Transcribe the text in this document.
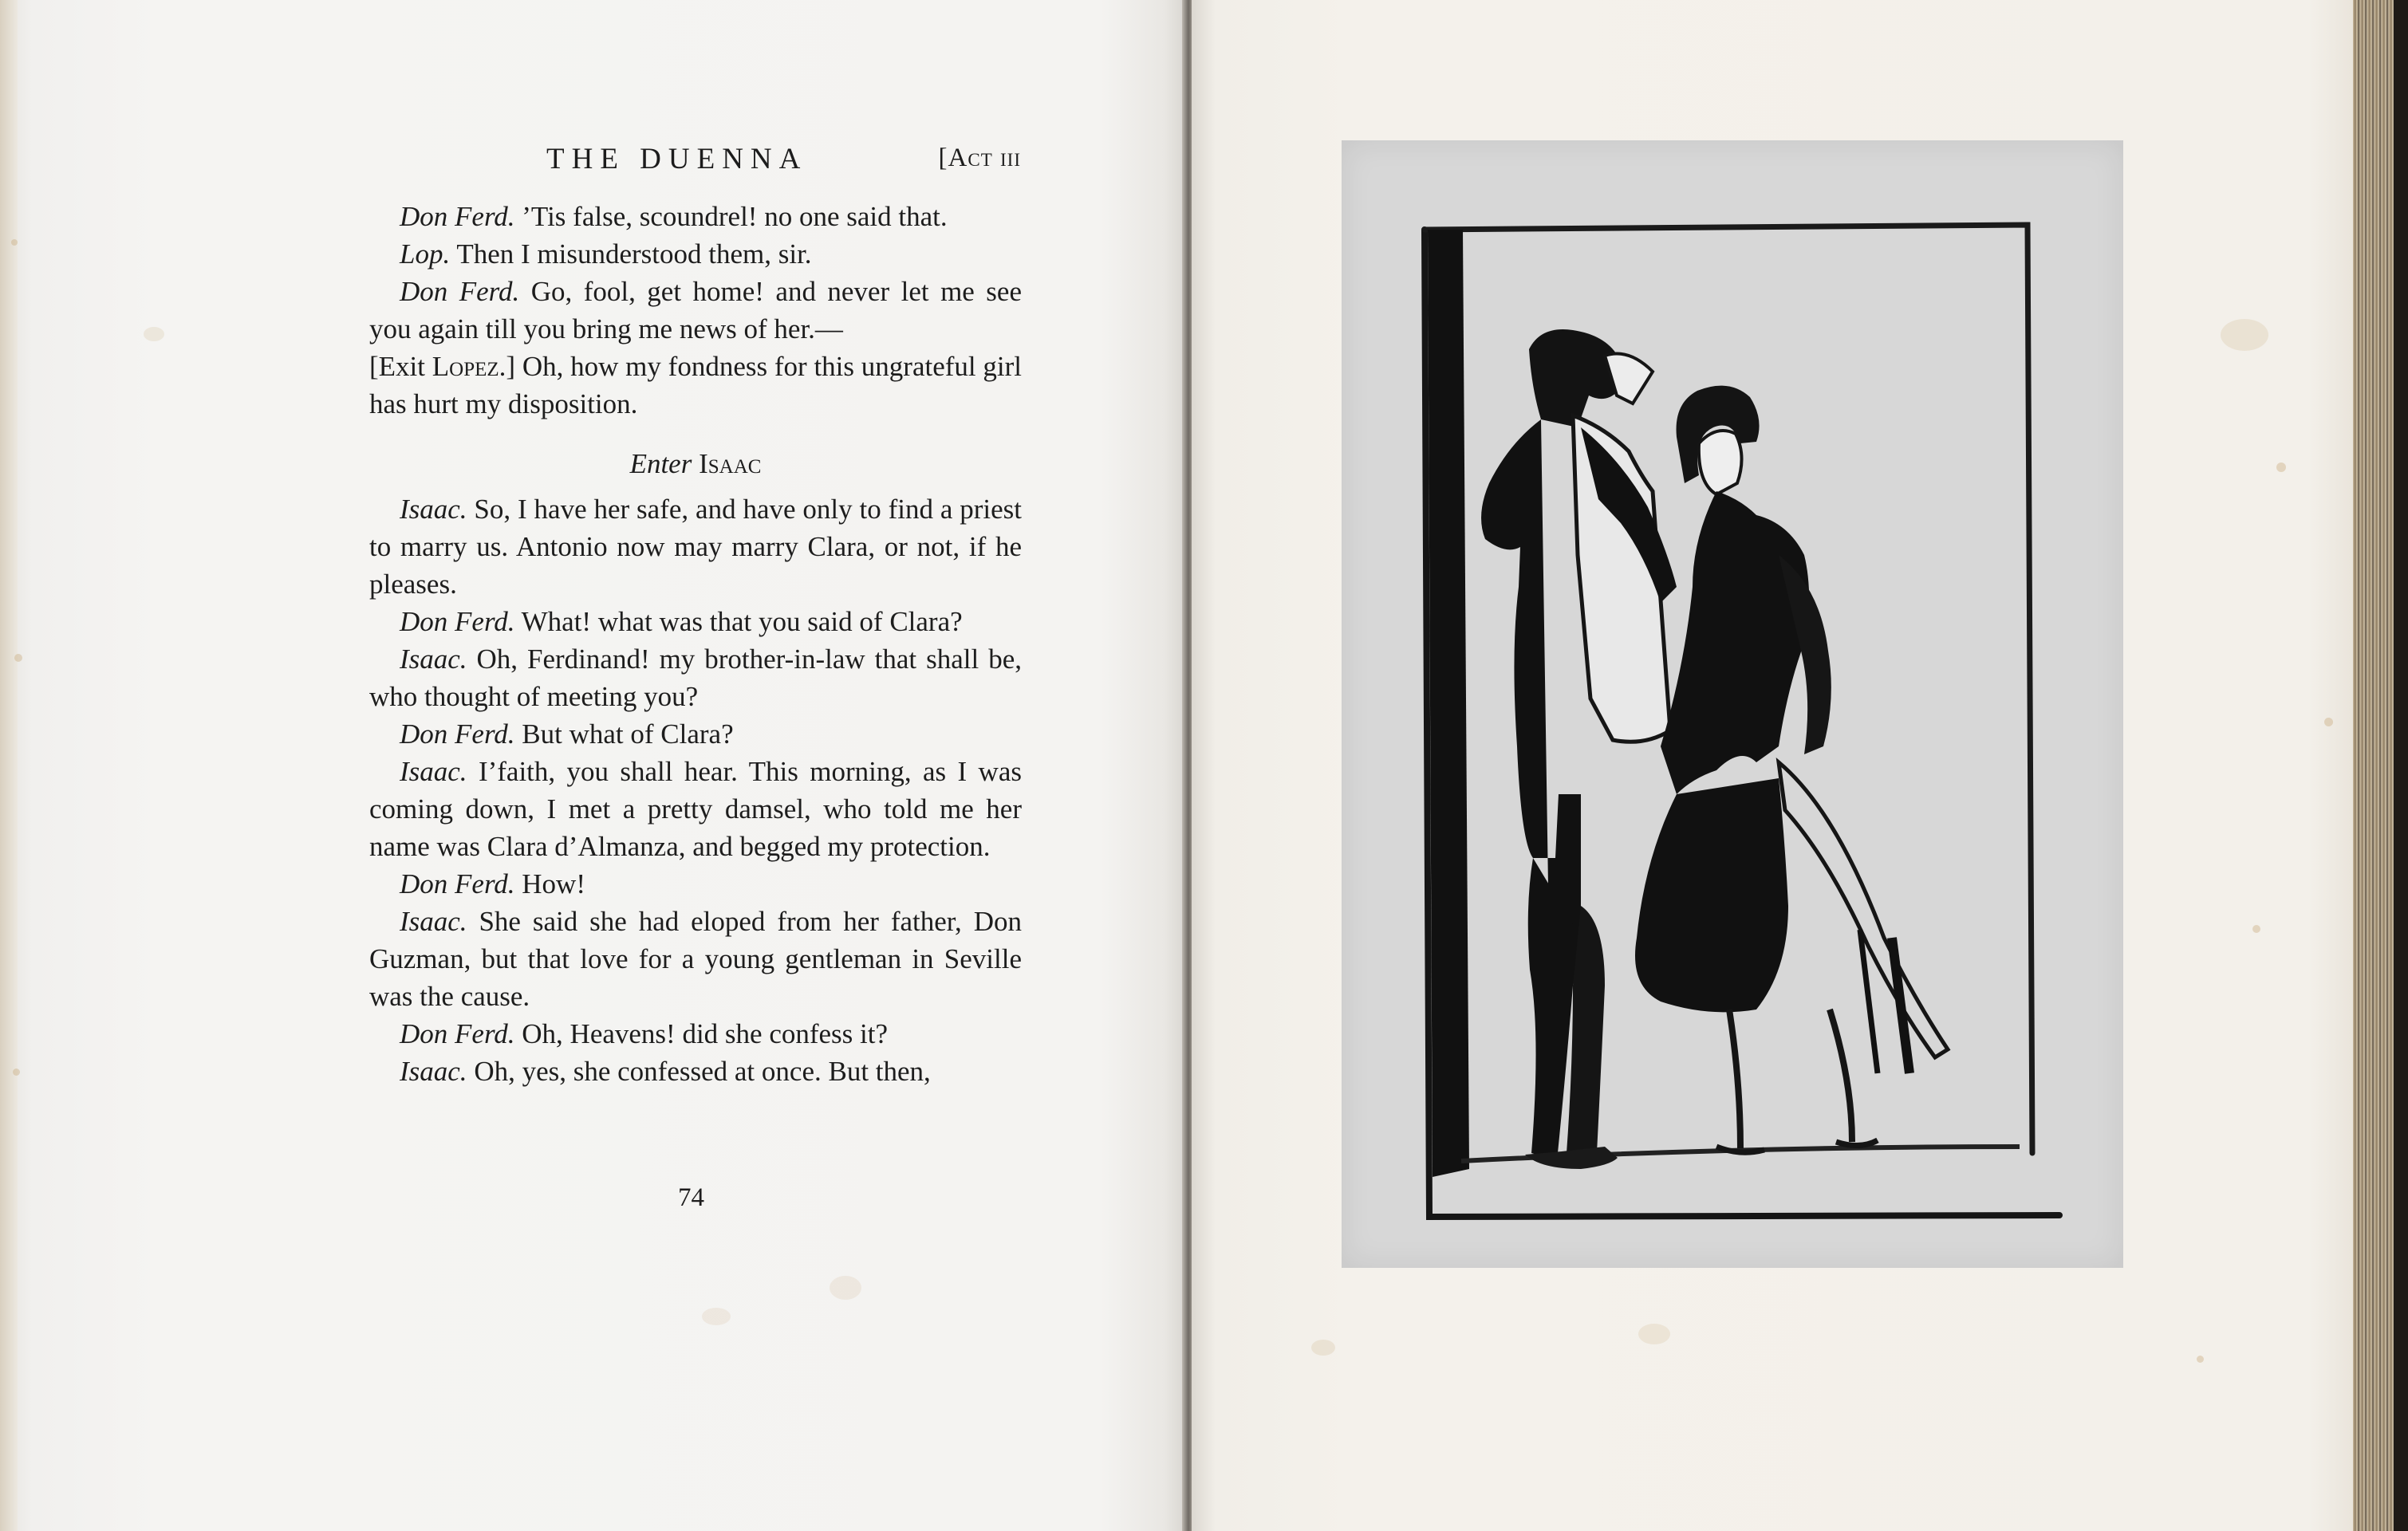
THE DUENNA	[Act iii

Don Ferd. ’Tis false, scoundrel! no one said that.

Lop. Then I misunderstood them, sir.

Don Ferd. Go, fool, get home! and never let me see you again till you bring me news of her.—

[Exit Lopez.] Oh, how my fondness for this ungrateful girl has hurt my disposition.

Enter Isaac

Isaac. So, I have her safe, and have only to find a priest to marry us. Antonio now may marry Clara, or not, if he pleases.

Don Ferd. What! what was that you said of Clara?

Isaac. Oh, Ferdinand! my brother-in-law that shall be, who thought of meeting you?

Don Ferd. But what of Clara?

Isaac. I’faith, you shall hear. This morning, as I was coming down, I met a pretty damsel, who told me her name was Clara d’Almanza, and begged my protection.

Don Ferd. How!

Isaac. She said she had eloped from her father, Don Guzman, but that love for a young gentleman in Seville was the cause.

Don Ferd. Oh, Heavens! did she confess it?

Isaac. Oh, yes, she confessed at once. But then,

74
